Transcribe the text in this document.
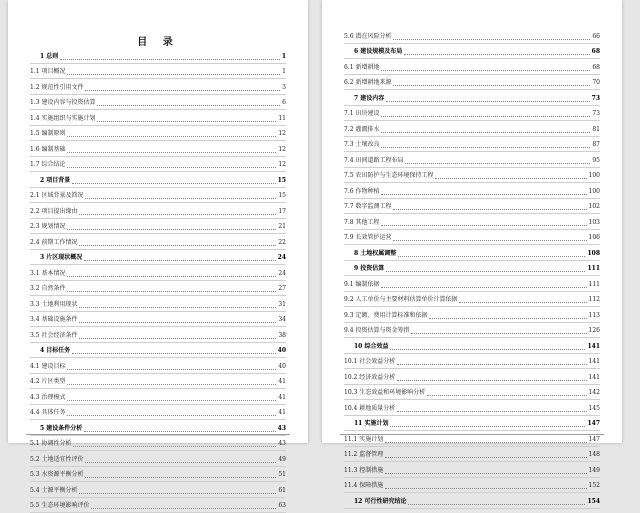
目 录
1 总则	1
1.1 项目概况	1
1.2 规范性引用文件	3
1.3 建设内容与投资估算	6
1.4 实施组织与实施计划	11
1.5 编制原则	12
1.6 编制基础	12
1.7 综合结论	12
2 项目背景	15
2.1 区域背景及简况	15
2.2 项目提出缘由	17
2.3 规划情况	21
2.4 前期工作情况	22
3 片区现状概况	24
3.1 基本情况	24
3.2 自然条件	27
3.3 土地利用现状	31
3.4 基础设施条件	34
3.5 社会经济条件	38
4 目标任务	40
4.1 建设目标	40
4.2 片区类型	41
4.3 治理模式	41
4.4 具体任务	41
5 建设条件分析	43
5.1 协调性分析	43
5.2 土地适宜性评价	49
5.3 水资源平衡分析	51
5.4 土源平衡分析	61
5.5 生态环境影响评价	63
5.6 潜在风险分析	66
6 建设规模及布局	68
6.1 新增耕地	68
6.2 新增耕地来源	70
7 建设内容	73
7.1 田块建设	73
7.2 灌溉排水	81
7.3 土壤改良	87
7.4 田间道路工程布局	95
7.5 农田防护与生态环境保持工程	100
7.6 作物种植	100
7.7 数字监测工程	102
7.8 其他工程	103
7.9 长效管护运营	106
8 土地权属调整	108
9 投资估算	111
9.1 编制依据	111
9.2 人工单价与主要材料估算单价计算依据	112
9.3 定额、费用计算标准和依据	113
9.4 投资估算与资金筹措	126
10 综合效益	141
10.1 社会效益分析	141
10.2 经济效益分析	141
10.3 生态效益和环境影响分析	142
10.4 耕地质量分析	145
11 实施计划	147
11.1 实施计划	147
11.2 监督管理	148
11.3 控制措施	149
11.4 保障措施	152
12 可行性研究结论	154
